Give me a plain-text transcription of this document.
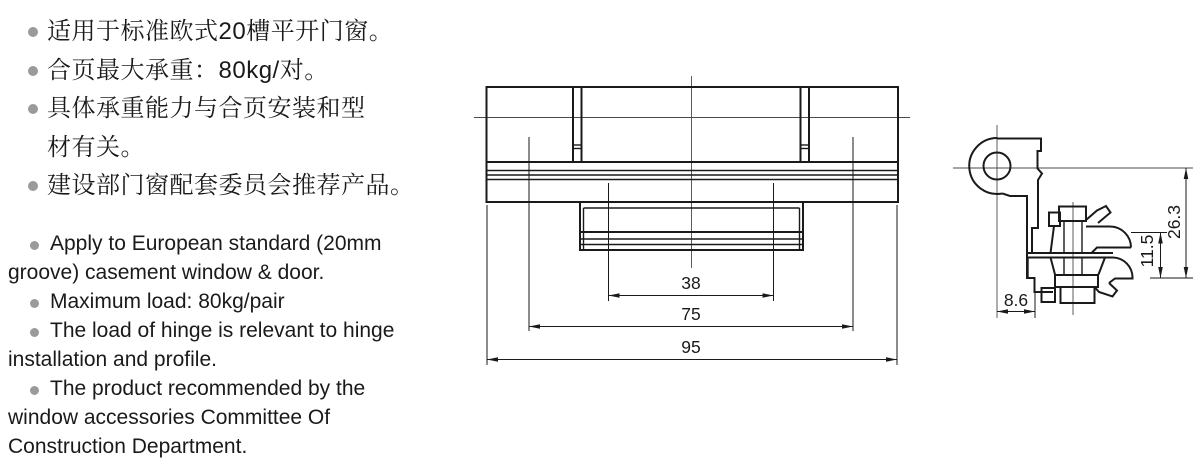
适用于标准欧式20槽平开门窗。
合页最大承重：80kg/对。
具体承重能力与合页安装和型
材有关。
建设部门窗配套委员会推荐产品。
Apply to European standard (20mm
groove) casement window & door.
Maximum load: 80kg/pair
The load of hinge is relevant to hinge
installation and profile.
The product recommended by the
window accessories Committee Of
Construction Department.
38
75
95
26.3
11.5
8.6
